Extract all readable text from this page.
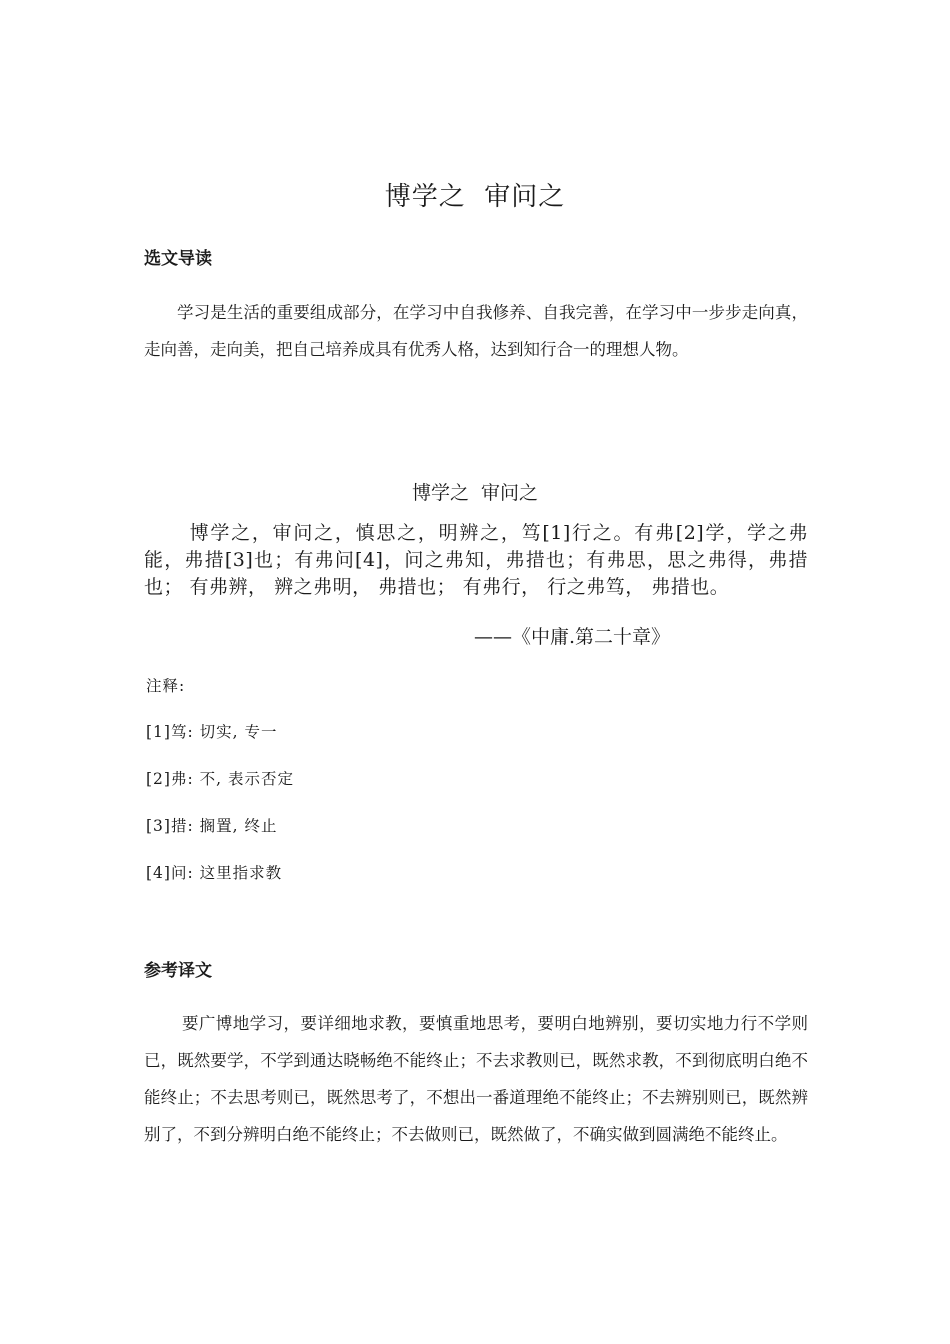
博学之  审问之
选文导读
学习是生活的重要组成部分，在学习中自我修养、自我完善，在学习中一步步走向真，走向善，走向美，把自己培养成具有优秀人格，达到知行合一的理想人物。
博学之  审问之
博学之，审问之，慎思之，明辨之，笃[1]行之。有弗[2]学，学之弗能，弗措[3]也；有弗问[4]，问之弗知，弗措也；有弗思，思之弗得，弗措也； 有弗辨， 辨之弗明， 弗措也； 有弗行， 行之弗笃， 弗措也。
——《中庸.第二十章》
注释:
[1]笃: 切实, 专一
[2]弗: 不, 表示否定
[3]措: 搁置, 终止
[4]问: 这里指求教
参考译文
要广博地学习，要详细地求教，要慎重地思考，要明白地辨别，要切实地力行不学则已，既然要学，不学到通达晓畅绝不能终止；不去求教则已，既然求教，不到彻底明白绝不能终止；不去思考则已，既然思考了，不想出一番道理绝不能终止；不去辨别则已，既然辨别了，不到分辨明白绝不能终止；不去做则已，既然做了，不确实做到圆满绝不能终止。
